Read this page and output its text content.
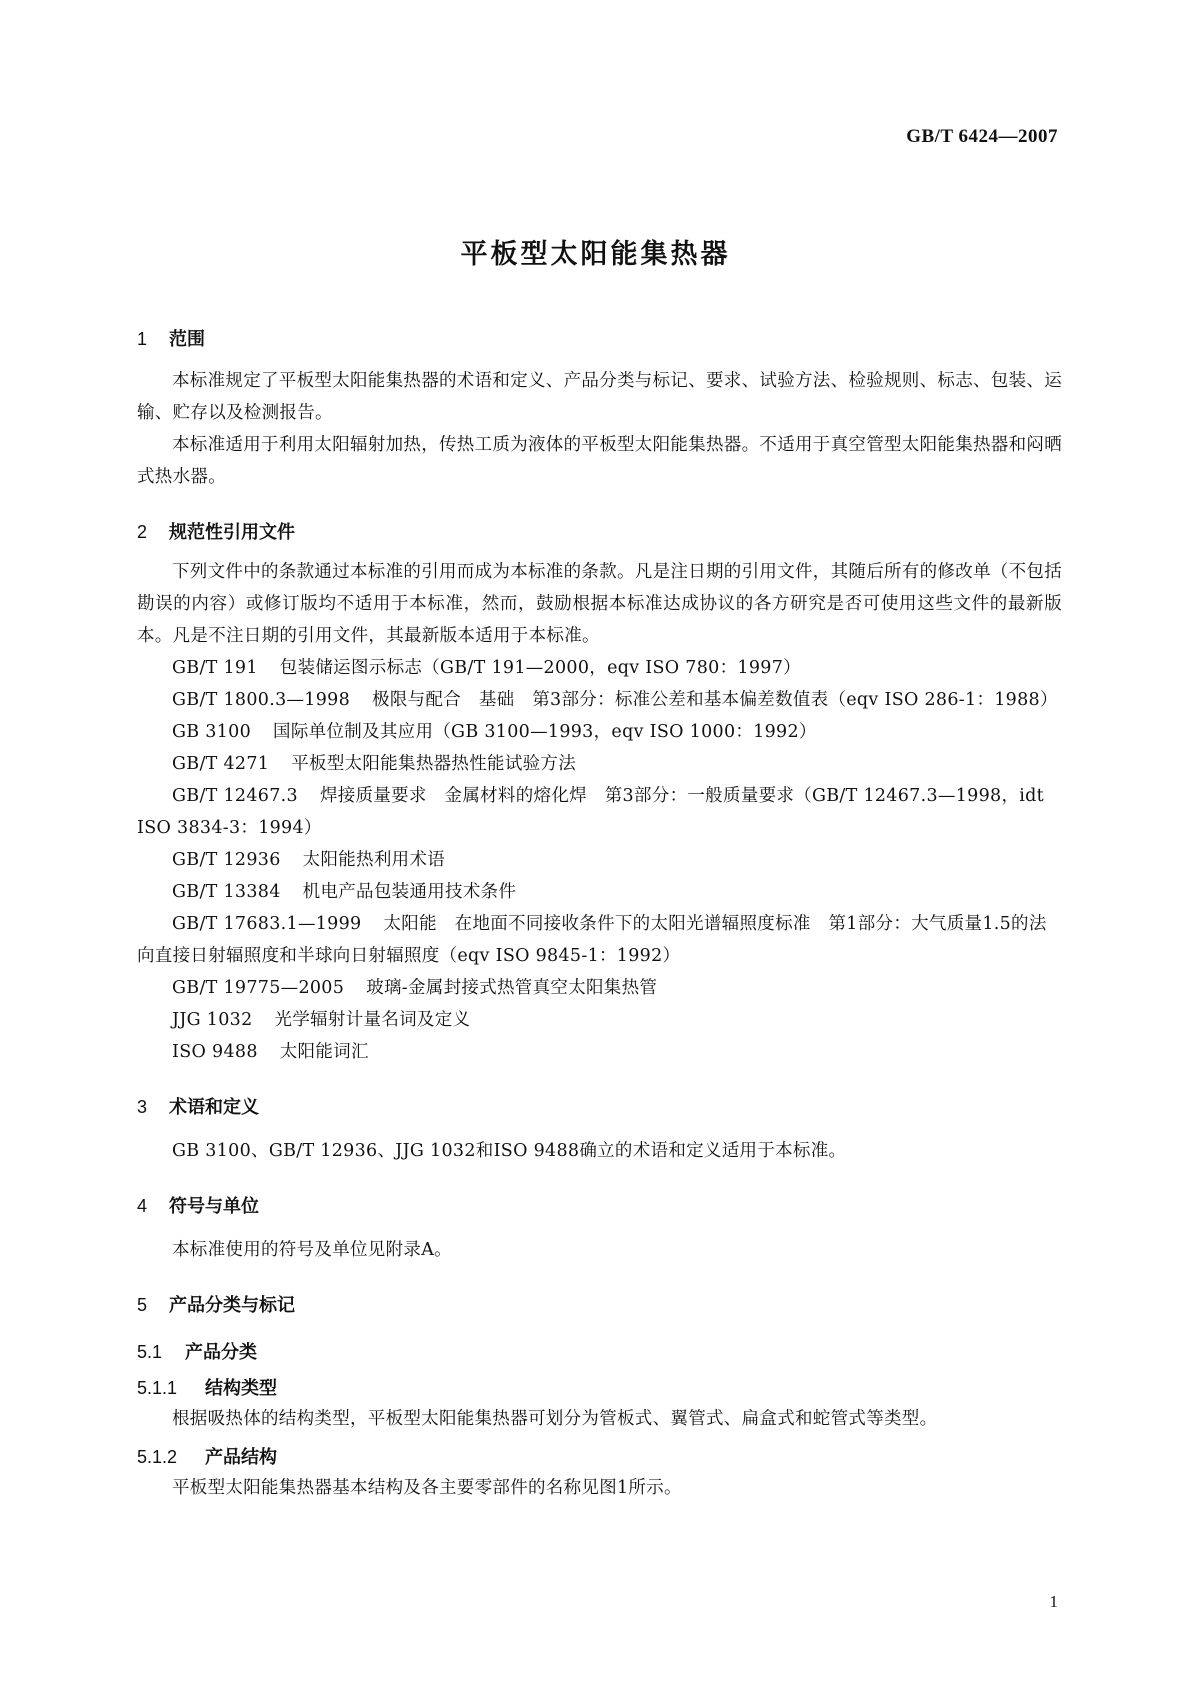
GB/T 6424—2007
平板型太阳能集热器
1 范围

本标准规定了平板型太阳能集热器的术语和定义、产品分类与标记、要求、试验方法、检验规则、标志、包装、运输、贮存以及检测报告。

本标准适用于利用太阳辐射加热，传热工质为液体的平板型太阳能集热器。不适用于真空管型太阳能集热器和闷晒式热水器。

2 规范性引用文件

下列文件中的条款通过本标准的引用而成为本标准的条款。凡是注日期的引用文件，其随后所有的修改单（不包括勘误的内容）或修订版均不适用于本标准，然而，鼓励根据本标准达成协议的各方研究是否可使用这些文件的最新版本。凡是不注日期的引用文件，其最新版本适用于本标准。

GB/T 191 包装储运图示标志（GB/T 191—2000，eqv ISO 780：1997）

GB/T 1800.3—1998 极限与配合　基础　第3部分：标准公差和基本偏差数值表（eqv ISO 286-1：1988）

GB 3100 国际单位制及其应用（GB 3100—1993，eqv ISO 1000：1992）

GB/T 4271 平板型太阳能集热器热性能试验方法

GB/T 12467.3 焊接质量要求　金属材料的熔化焊　第3部分：一般质量要求（GB/T 12467.3—1998，idt ISO 3834-3：1994）

GB/T 12936 太阳能热利用术语

GB/T 13384 机电产品包装通用技术条件

GB/T 17683.1—1999 太阳能　在地面不同接收条件下的太阳光谱辐照度标准　第1部分：大气质量1.5的法向直接日射辐照度和半球向日射辐照度（eqv ISO 9845-1：1992）

GB/T 19775—2005 玻璃-金属封接式热管真空太阳集热管

JJG 1032 光学辐射计量名词及定义

ISO 9488 太阳能词汇

3 术语和定义

GB 3100、GB/T 12936、JJG 1032和ISO 9488确立的术语和定义适用于本标准。

4 符号与单位

本标准使用的符号及单位见附录A。

5 产品分类与标记
5.1 产品分类
5.1.1 结构类型

根据吸热体的结构类型，平板型太阳能集热器可划分为管板式、翼管式、扁盒式和蛇管式等类型。

5.1.2 产品结构

平板型太阳能集热器基本结构及各主要零部件的名称见图1所示。

1
